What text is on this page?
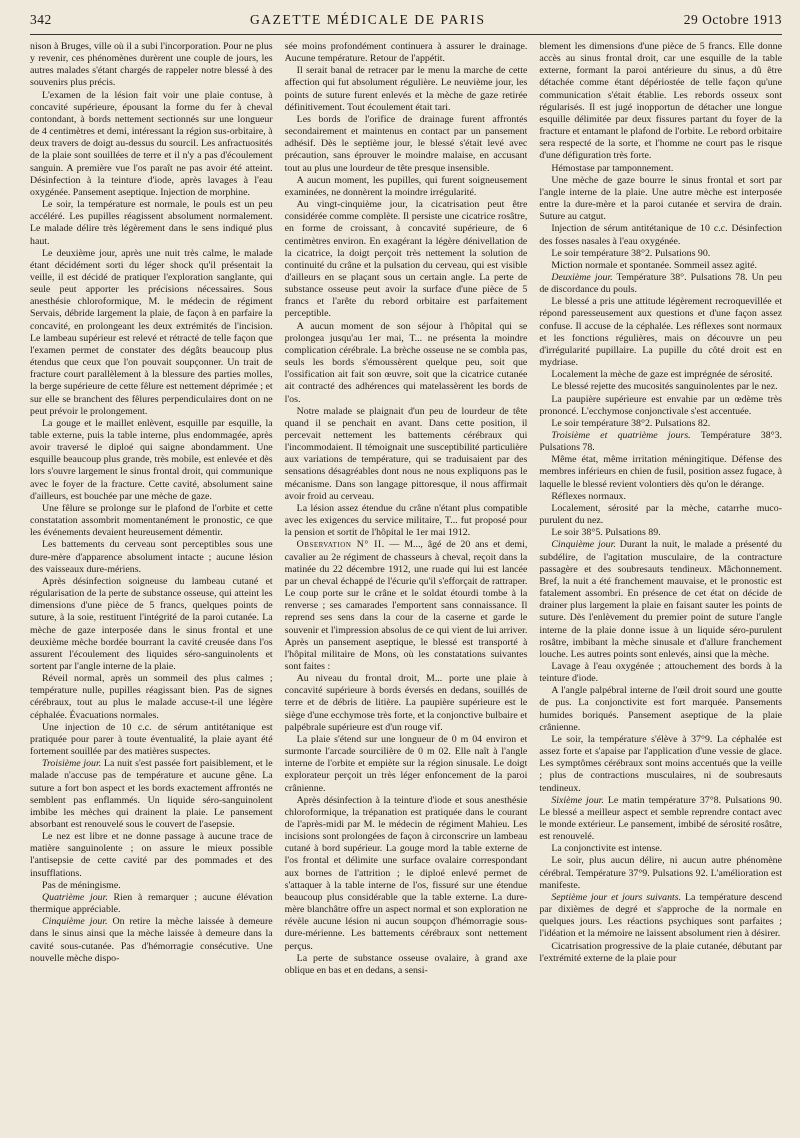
342	GAZETTE MÉDICALE DE PARIS	29 Octobre 1913

nison à Bruges, ville où il a subi l'incorporation. Pour ne plus y revenir, ces phénomènes durèrent une couple de jours, les autres malades s'étant chargés de rappeler notre blessé à des souvenirs plus précis.

L'examen de la lésion fait voir une plaie contuse, à concavité supérieure, épousant la forme du fer à cheval contondant, à bords nettement sectionnés sur une longueur de 4 centimètres et demi, intéressant la région sus-orbitaire, à deux travers de doigt au-dessus du sourcil. Les anfractuosités de la plaie sont souillées de terre et il n'y a pas d'écoulement sanguin. A première vue l'os paraît ne pas avoir été atteint. Désinfection à la teinture d'iode, après lavages à l'eau oxygénée. Pansement aseptique. Injection de morphine.

Le soir, la température est normale, le pouls est un peu accéléré. Les pupilles réagissent absolument normalement. Le malade délire très légèrement dans le sens indiqué plus haut.

Le deuxième jour, après une nuit très calme, le malade étant décidément sorti du léger shock qu'il présentait la veille, il est décidé de pratiquer l'exploration sanglante, qui seule peut apporter les précisions nécessaires. Sous anesthésie chloroformique, M. le médecin de régiment Servais, débride largement la plaie, de façon à en parfaire la concavité, en prolongeant les deux extrémités de l'incision. Le lambeau supérieur est relevé et rétracté de telle façon que l'examen permet de constater des dégâts beaucoup plus étendus que ceux que l'on pouvait soupçonner. Un trait de fracture court parallèlement à la blessure des parties molles, la berge supérieure de cette fêlure est nettement déprimée ; et sur elle se branchent des fêlures perpendiculaires dont on ne peut prévoir le prolongement.

La gouge et le maillet enlèvent, esquille par esquille, la table externe, puis la table interne, plus endommagée, après avoir traversé le diploé qui saigne abondamment. Une esquille beaucoup plus grande, très mobile, est enlevée et dès lors s'ouvre largement le sinus frontal droit, qui communique avec le foyer de la fracture. Cette cavité, absolument saine d'ailleurs, est bouchée par une mèche de gaze.

Une fêlure se prolonge sur le plafond de l'orbite et cette constatation assombrit momentanément le pronostic, ce que les événements devaient heureusement démentir.

Les battements du cerveau sont perceptibles sous une dure-mère d'apparence absolument intacte ; aucune lésion des vaisseaux dure-mériens.

Après désinfection soigneuse du lambeau cutané et régularisation de la perte de substance osseuse, qui atteint les dimensions d'une pièce de 5 francs, quelques points de suture, à la soie, restituent l'intégrité de la paroi cutanée. La mèche de gaze interposée dans le sinus frontal et une deuxième mèche bordée bourrant la cavité creusée dans l'os assurent l'écoulement des liquides séro-sanguinolents et sortent par l'angle interne de la plaie.

Réveil normal, après un sommeil des plus calmes ; température nulle, pupilles réagissant bien. Pas de signes cérébraux, tout au plus le malade accuse-t-il une légère céphalée. Évacuations normales.

Une injection de 10 c.c. de sérum antitétanique est pratiquée pour parer à toute éventualité, la plaie ayant été fortement souillée par des matières suspectes.

Troisième jour. La nuit s'est passée fort paisiblement, et le malade n'accuse pas de température et aucune gêne. La suture a fort bon aspect et les bords exactement affrontés ne semblent pas enflammés. Un liquide séro-sanguinolent imbibe les mèches qui drainent la plaie. Le pansement absorbant est renouvelé sous le couvert de l'asepsie.

Le nez est libre et ne donne passage à aucune trace de matière sanguinolente ; on assure le mieux possible l'antisepsie de cette cavité par des pommades et des insufflations.

Pas de méningisme.

Quatrième jour. Rien à remarquer ; aucune élévation thermique appréciable.

Cinquième jour. On retire la mèche laissée à demeure dans le sinus ainsi que la mèche laissée à demeure dans la cavité sous-cutanée. Pas d'hémorragie consécutive. Une nouvelle mèche dispo-

sée moins profondément continuera à assurer le drainage. Aucune température. Retour de l'appétit.

Il serait banal de retracer par le menu la marche de cette affection qui fut absolument régulière. Le neuvième jour, les points de suture furent enlevés et la mèche de gaze retirée définitivement. Tout écoulement était tari.

Les bords de l'orifice de drainage furent affrontés secondairement et maintenus en contact par un pansement adhésif. Dès le septième jour, le blessé s'était levé avec précaution, sans éprouver le moindre malaise, en accusant tout au plus une lourdeur de tête presque insensible.

A aucun moment, les pupilles, qui furent soigneusement examinées, ne donnèrent la moindre irrégularité.

Au vingt-cinquième jour, la cicatrisation peut être considérée comme complète. Il persiste une cicatrice rosâtre, en forme de croissant, à concavité supérieure, de 6 centimètres environ. En exagérant la légère dénivellation de la cicatrice, la doigt perçoit très nettement la solution de continuité du crâne et la pulsation du cerveau, qui est visible d'ailleurs en se plaçant sous un certain angle. La perte de substance osseuse peut avoir la surface d'une pièce de 5 francs et l'arête du rebord orbitaire est parfaitement perceptible.

A aucun moment de son séjour à l'hôpital qui se prolongea jusqu'au 1er mai, T... ne présenta la moindre complication cérébrale. La brèche osseuse ne se combla pas, seuls les bords s'émoussèrent quelque peu, soit que l'ossification ait fait son œuvre, soit que la cicatrice cutanée ait contracté des adhérences qui matelassèrent les bords de l'os.

Notre malade se plaignait d'un peu de lourdeur de tête quand il se penchait en avant. Dans cette position, il percevait nettement les battements cérébraux qui l'incommodaient. Il témoignait une susceptibilité particulière aux variations de température, qui se traduisaient par des sensations désagréables dont nous ne nous expliquons pas le mécanisme. Dans son langage pittoresque, il nous affirmait avoir froid au cerveau.

La lésion assez étendue du crâne n'étant plus compatible avec les exigences du service militaire, T... fut proposé pour la pension et sortit de l'hôpital le 1er mai 1912.

Observation N° II. — M..., âgé de 20 ans et demi, cavalier au 2e régiment de chasseurs à cheval, reçoit dans la matinée du 22 décembre 1912, une ruade qui lui est lancée par un cheval échappé de l'écurie qu'il s'efforçait de rattraper. Le coup porte sur le crâne et le soldat étourdi tombe à la renverse ; ses camarades l'emportent sans connaissance. Il reprend ses sens dans la cour de la caserne et garde le souvenir et l'impression absolus de ce qui vient de lui arriver. Après un pansement aseptique, le blessé est transporté à l'hôpital militaire de Mons, où les constatations suivantes sont faites :

Au niveau du frontal droit, M... porte une plaie à concavité supérieure à bords éversés en dedans, souillés de terre et de débris de litière. La paupière supérieure est le siège d'une ecchymose très forte, et la conjonctive bulbaire et palpébrale supérieure est d'un rouge vif.

La plaie s'étend sur une longueur de 0 m 04 environ et surmonte l'arcade sourcilière de 0 m 02. Elle naît à l'angle interne de l'orbite et empiète sur la région sinusale. Le doigt explorateur perçoit un très léger enfoncement de la paroi crânienne.

Après désinfection à la teinture d'iode et sous anesthésie chloroformique, la trépanation est pratiquée dans le courant de l'après-midi par M. le médecin de régiment Mahieu. Les incisions sont prolongées de façon à circonscrire un lambeau cutané à bord supérieur. La gouge mord la table externe de l'os frontal et délimite une surface ovalaire correspondant aux bornes de l'attrition ; le diploé enlevé permet de s'attaquer à la table interne de l'os, fissuré sur une étendue beaucoup plus considérable que la table externe. La dure-mère blanchâtre offre un aspect normal et son exploration ne révèle aucune lésion ni aucun soupçon d'hémorragie sous-dure-mérienne. Les battements cérébraux sont nettement perçus.

La perte de substance osseuse ovalaire, à grand axe oblique en bas et en dedans, a sensi-

blement les dimensions d'une pièce de 5 francs. Elle donne accès au sinus frontal droit, car une esquille de la table externe, formant la paroi antérieure du sinus, a dû être détachée comme étant dépériostée de telle façon qu'une communication s'était établie. Les rebords osseux sont régularisés. Il est jugé inopportun de détacher une longue esquille délimitée par deux fissures partant du foyer de la fracture et entamant le plafond de l'orbite. Le rebord orbitaire sera respecté de la sorte, et l'homme ne court pas le risque d'une défiguration très forte.

Hémostase par tamponnement.

Une mèche de gaze bourre le sinus frontal et sort par l'angle interne de la plaie. Une autre mèche est interposée entre la dure-mère et la paroi cutanée et servira de drain. Suture au catgut.

Injection de sérum antitétanique de 10 c.c. Désinfection des fosses nasales à l'eau oxygénée.

Le soir température 38°2. Pulsations 90.

Miction normale et spontanée. Sommeil assez agité.

Deuxième jour. Température 38°. Pulsations 78. Un peu de discordance du pouls.

Le blessé a pris une attitude légèrement recroquevillée et répond paresseusement aux questions et d'une façon assez confuse. Il accuse de la céphalée. Les réflexes sont normaux et les fonctions régulières, mais on découvre un peu d'irrégularité pupillaire. La pupille du côté droit est en mydriase.

Localement la mèche de gaze est imprégnée de sérosité.

Le blessé rejette des mucosités sanguinolentes par le nez.

La paupière supérieure est envahie par un œdème très prononcé. L'ecchymose conjonctivale s'est accentuée.

Le soir température 38°2. Pulsations 82.

Troisième et quatrième jours. Température 38°3. Pulsations 78.

Même état, même irritation méningitique. Défense des membres inférieurs en chien de fusil, position assez fugace, à laquelle le blessé revient volontiers dès qu'on le dérange.

Réflexes normaux.

Localement, sérosité par la mèche, catarrhe muco-purulent du nez.

Le soir 38°5. Pulsations 89.

Cinquième jour. Durant la nuit, le malade a présenté du subdélire, de l'agitation musculaire, de la contracture passagère et des soubresauts tendineux. Mâchonnement. Bref, la nuit a été franchement mauvaise, et le pronostic est fatalement assombri. En présence de cet état on décide de drainer plus largement la plaie en faisant sauter les points de suture. Dès l'enlèvement du premier point de suture l'angle interne de la plaie donne issue à un liquide séro-purulent rosâtre, imbibant la mèche sinusale et d'allure franchement louche. Les autres points sont enlevés, ainsi que la mèche.

Lavage à l'eau oxygénée ; attouchement des bords à la teinture d'iode.

A l'angle palpébral interne de l'œil droit sourd une goutte de pus. La conjonctivite est fort marquée. Pansements humides boriqués. Pansement aseptique de la plaie crânienne.

Le soir, la température s'élève à 37°9. La céphalée est assez forte et s'apaise par l'application d'une vessie de glace. Les symptômes cérébraux sont moins accentués que la veille ; plus de contractions musculaires, ni de soubresauts tendineux.

Sixième jour. Le matin température 37°8. Pulsations 90. Le blessé a meilleur aspect et semble reprendre contact avec le monde extérieur. Le pansement, imbibé de sérosité rosâtre, est renouvelé.

La conjonctivite est intense.

Le soir, plus aucun délire, ni aucun autre phénomène cérébral. Température 37°9. Pulsations 92. L'amélioration est manifeste.

Septième jour et jours suivants. La température descend par dixièmes de degré et s'approche de la normale en quelques jours. Les réactions psychiques sont parfaites ; l'idéation et la mémoire ne laissent absolument rien à désirer.

Cicatrisation progressive de la plaie cutanée, débutant par l'extrémité externe de la plaie pour
